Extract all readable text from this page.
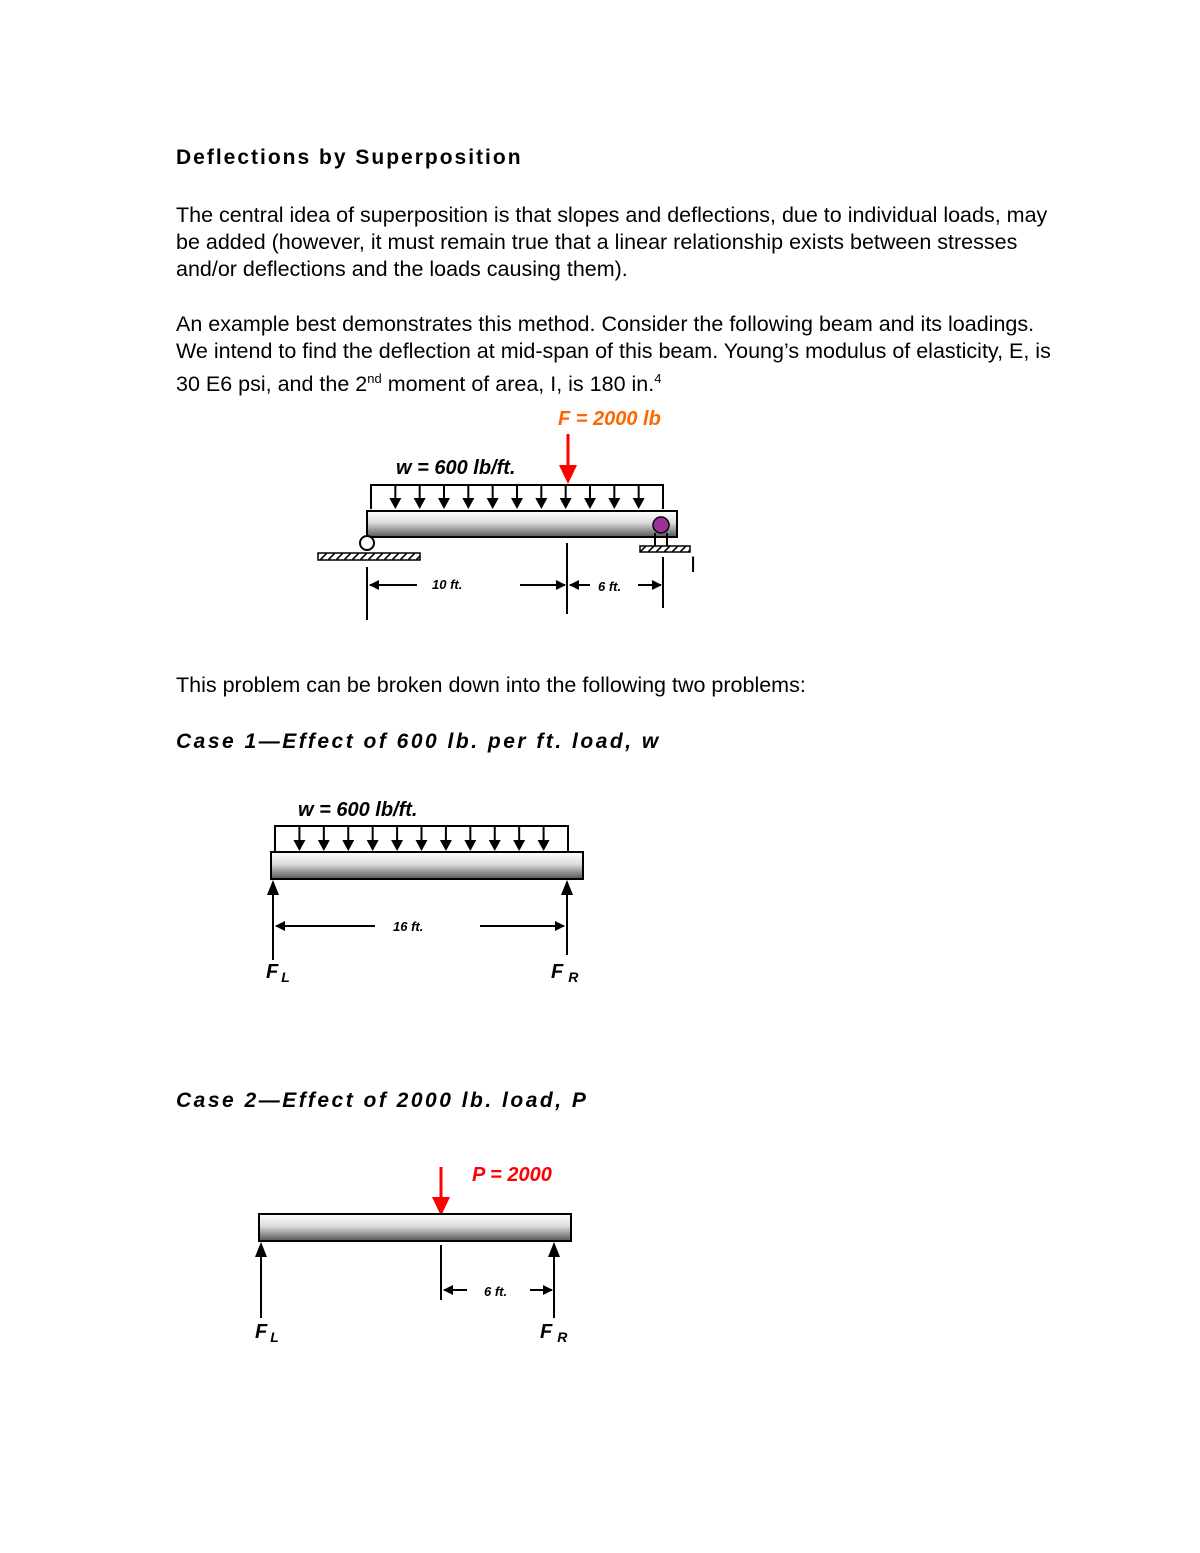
Deflections by Superposition

The central idea of superposition is that slopes and deflections, due to individual loads, may be added (however, it must remain true that a linear relationship exists between stresses and/or deflections and the loads causing them).

An example best demonstrates this method. Consider the following beam and its loadings. We intend to find the deflection at mid-span of this beam. Young’s modulus of elasticity, E, is 30 E6 psi, and the 2nd moment of area, I, is 180 in.$^4$

F = 2000 lb
w = 600 lb/ft.
I
10 ft.	6 ft.

This problem can be broken down into the following two problems:

Case 1—Effect of 600 lb. per ft. load, w
w = 600 lb/ft.
16 ft.
F $_L$	F $_R$
Case 2—Effect of 2000 lb. load, P
P = 2000
6 ft.
F $_L$	F $_R$
